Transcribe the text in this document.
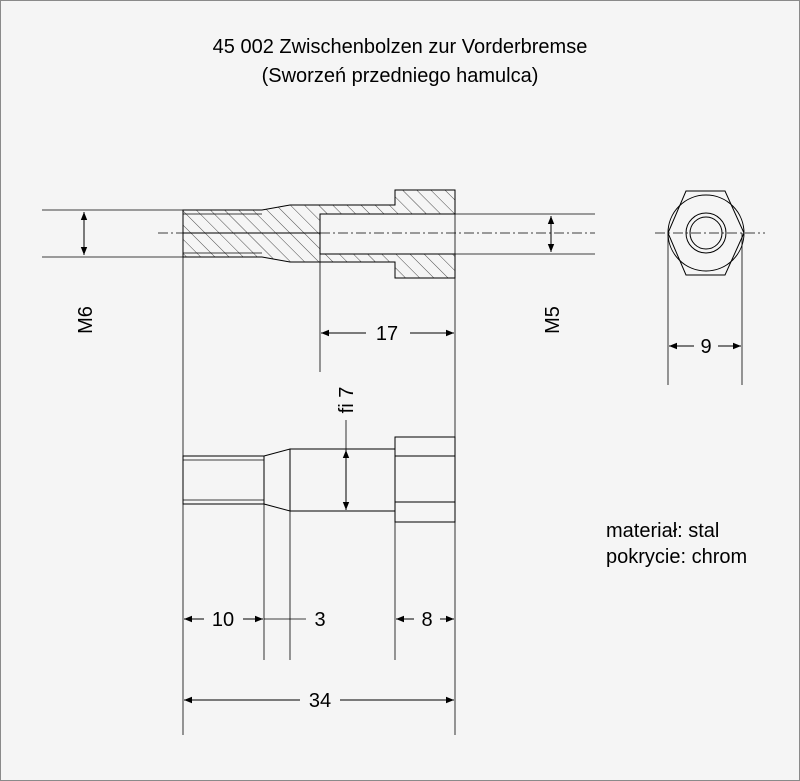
45 002 Zwischenbolzen zur Vorderbremse
(Sworzeń przedniego hamulca)
M6	M5
17
9
fi 7
10	3	8
34
materiał: stal
pokrycie: chrom
